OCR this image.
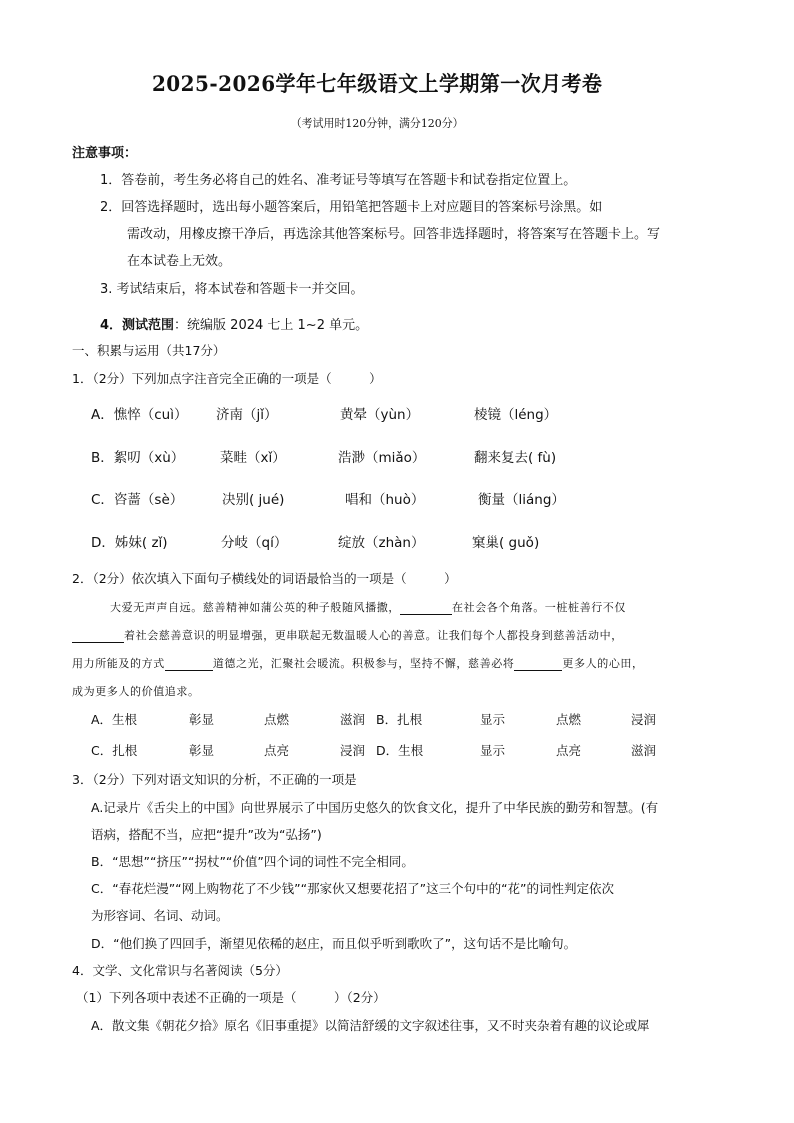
2025-2026学年七年级语文上学期第一次月考卷
（考试用时120分钟，满分120分）
注意事项：
1．答卷前，考生务必将自己的姓名、准考证号等填写在答题卡和试卷指定位置上。
2．回答选择题时，选出每小题答案后，用铅笔把答题卡上对应题目的答案标号涂黑。如
需改动，用橡皮擦干净后，再选涂其他答案标号。回答非选择题时，将答案写在答题卡上。写
在本试卷上无效。
3. 考试结束后，将本试卷和答题卡一并交回。
4．测试范围：统编版 2024 七上 1~2 单元。
一、积累与运用（共17分）
1．（2分）下列加点字注音完全正确的一项是（　　　）
A．憔悴（cuì） 济南（jǐ）	黄晕（yùn）	棱镜（léng）
B．絮叨（xù）	菜畦（xǐ）	浩渺（miǎo）	翻来复去( fù)
C．咨蔷（sè）	决别( jué)	唱和（huò）	衡量（liáng）
D．姊妹( zǐ)	分岐（qí）	绽放（zhàn）	窠巢( guǒ)
2．（2分）依次填入下面句子横线处的词语最恰当的一项是（　　　）
大爱无声声自远。慈善精神如蒲公英的种子般随风播撒，	在社会各个角落。一桩桩善行不仅
着社会慈善意识的明显增强，更串联起无数温暖人心的善意。让我们每个人都投身到慈善活动中，
用力所能及的方式	道德之光，汇聚社会暖流。积极参与，坚持不懈，慈善必将	更多人的心田，
成为更多人的价值追求。
A．生根	彰显	点燃	滋润 B．扎根	显示	点燃	浸润
C．扎根	彰显	点亮	浸润 D．生根	显示	点亮	滋润
3．（2分）下列对语文知识的分析，不正确的一项是
A.记录片《舌尖上的中国》向世界展示了中国历史悠久的饮食文化，提升了中华民族的勤劳和智慧。(有
语病，搭配不当，应把“提升”改为“弘扬”)
B．“思想”“挤压”“拐杖”“价值”四个词的词性不完全相同。
C．“春花烂漫”“网上购物花了不少钱”“那家伙又想要花招了”这三个句中的“花”的词性判定依次
为形容词、名词、动词。
D．“他们换了四回手，渐望见依稀的赵庄，而且似乎听到歌吹了”，这句话不是比喻句。
4．文学、文化常识与名著阅读（5分）
（1）下列各项中表述不正确的一项是（　　　）（2分）
A．散文集《朝花夕拾》原名《旧事重提》以简洁舒缓的文字叙述往事，又不时夹杂着有趣的议论或犀
